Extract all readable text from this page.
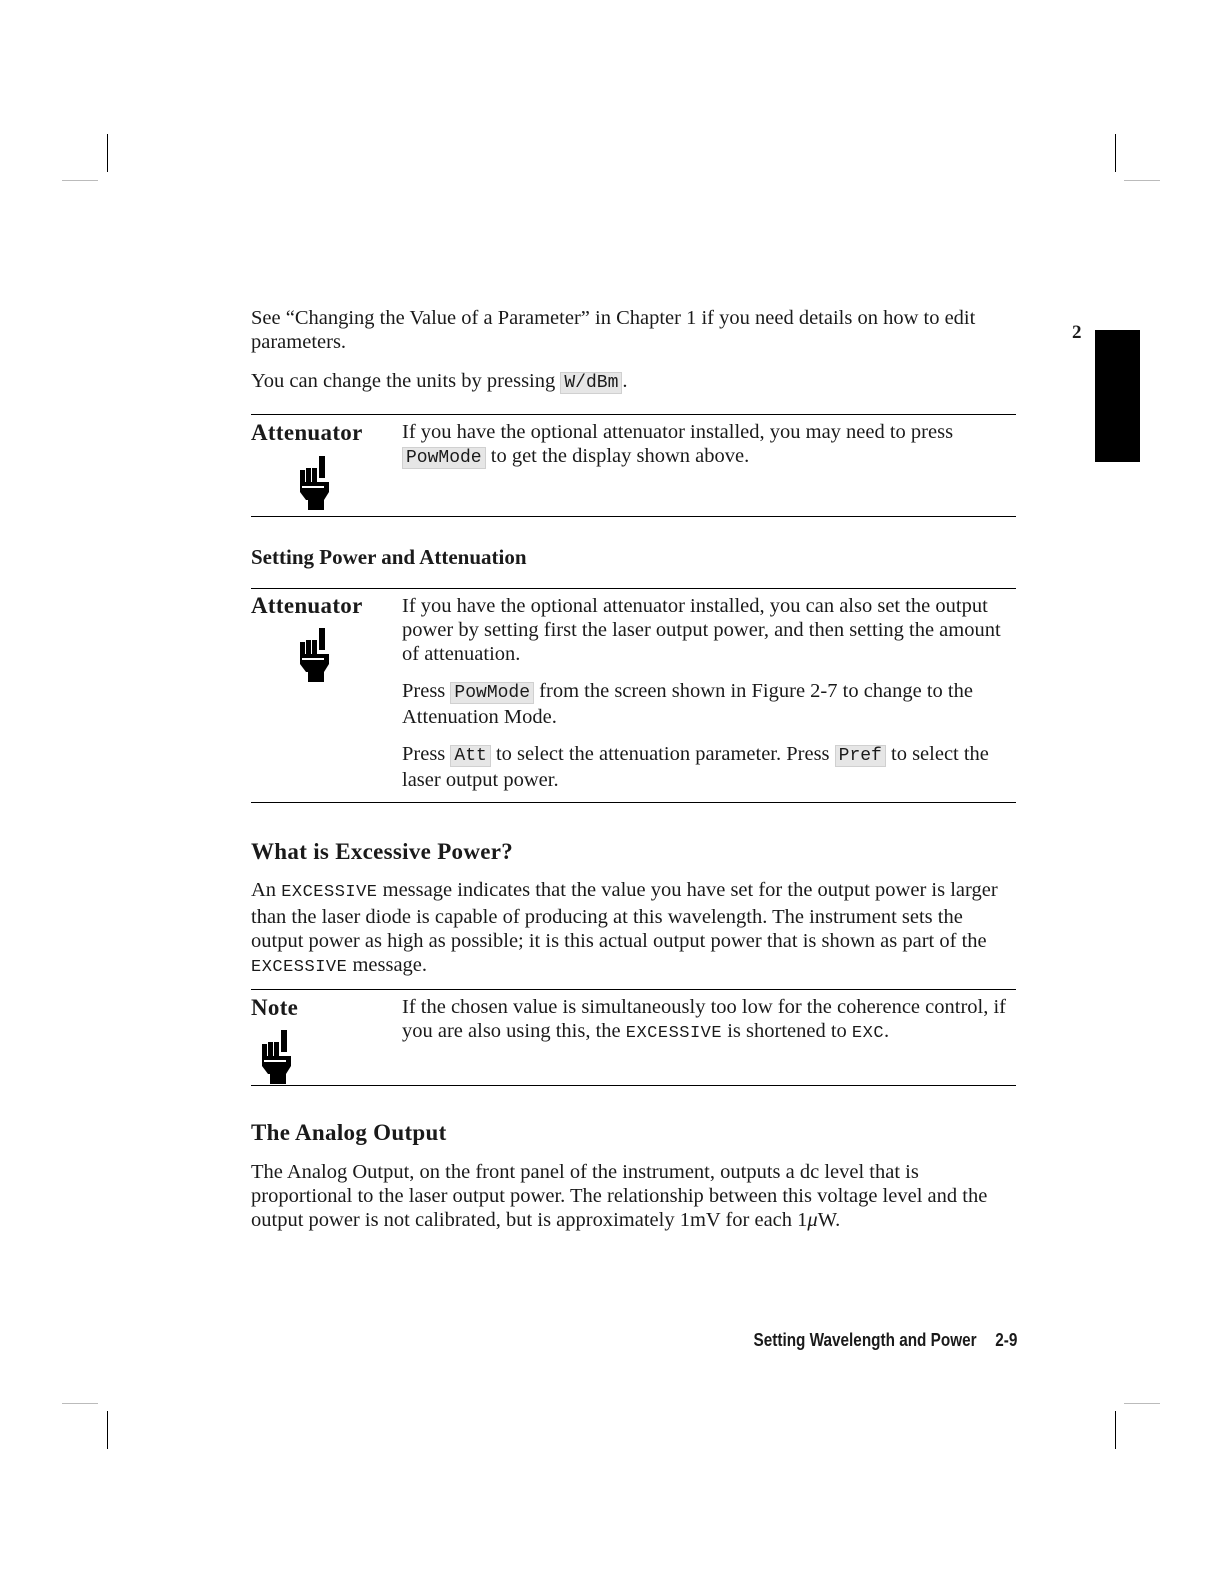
2

See “Changing the Value of a Parameter” in Chapter 1 if you need details on how to edit parameters.

You can change the units by pressing W/dBm .

Attenuator If you have the optional attenuator installed, you may need to press PowMode to get the display shown above.

Setting Power and Attenuation
Attenuator If you have the optional attenuator installed, you can also set the output power by setting first the laser output power, and then setting the amount of attenuation.

Press PowMode from the screen shown in Figure 2-7 to change to the Attenuation Mode.

Press Att to select the attenuation parameter. Press Pref to select the laser output power.

What is Excessive Power?

An EXCESSIVE message indicates that the value you have set for the output power is larger than the laser diode is capable of producing at this wavelength. The instrument sets the output power as high as possible; it is this actual output power that is shown as part of the EXCESSIVE message.

Note	If the chosen value is simultaneously too low for the coherence control, if you are also using this, the EXCESSIVE is shortened to EXC.

The Analog Output

The Analog Output, on the front panel of the instrument, outputs a dc level that is proportional to the laser output power. The relationship between this voltage level and the output power is not calibrated, but is approximately 1mV for each 1μW.

Setting Wavelength and Power 2-9
